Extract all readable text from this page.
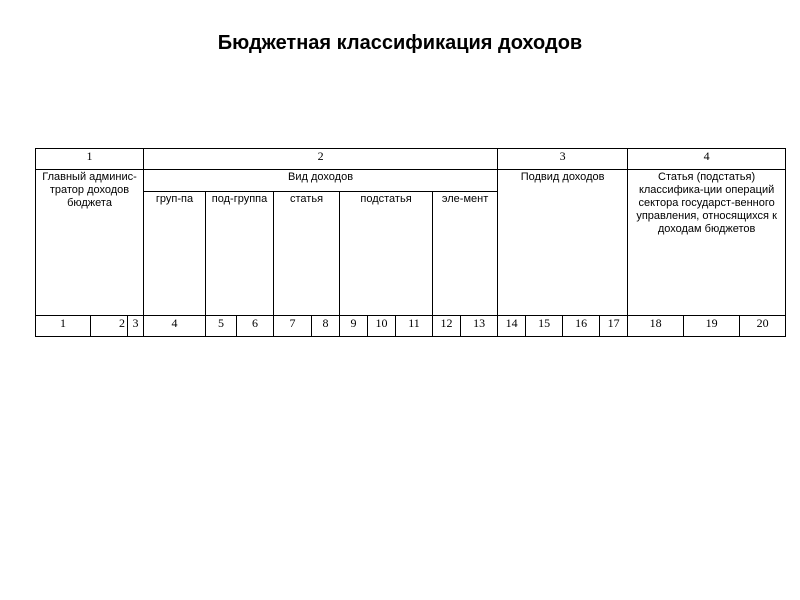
Бюджетная классификация доходов
1			2										3				4		
Главный админис-тратор доходов бюджета			Вид доходов										Подвид доходов				Статья (подстатья) классифика-ции операций сектора государст-венного управления, относящихся к доходам бюджетов		
			груп-па	под-группа		статья		подстатья			эле-мент								
1	2	3	4	5	6	7	8	9	10	11	12	13	14	15	16	17	18	19	20
